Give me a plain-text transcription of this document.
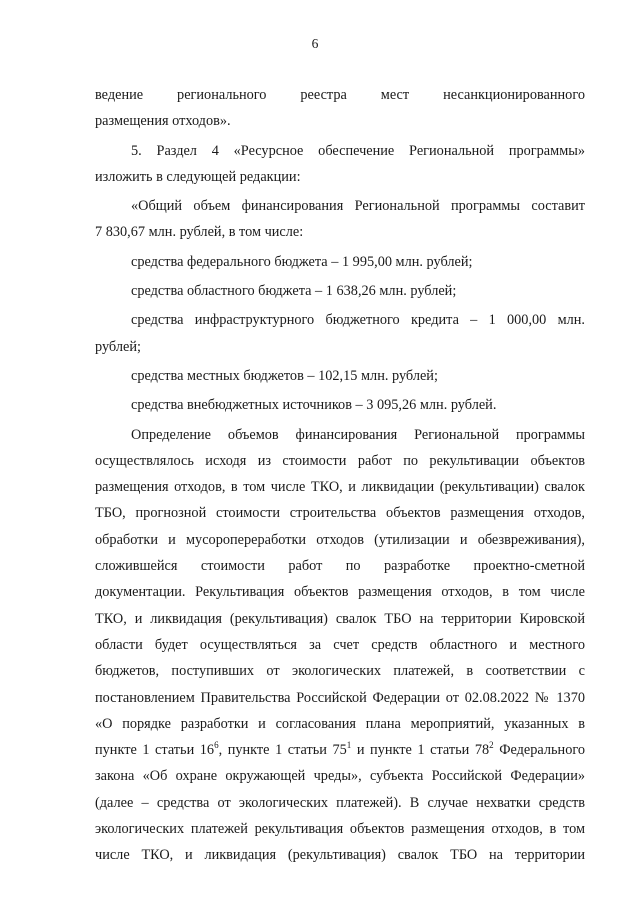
6

ведение регионального реестра мест несанкционированного

размещения отходов».

5. Раздел 4 «Ресурсное обеспечение Региональной программы»

изложить в следующей редакции:

«Общий объем финансирования Региональной программы составит

7 830,67 млн. рублей, в том числе:

средства федерального бюджета – 1 995,00 млн. рублей;

средства областного бюджета – 1 638,26 млн. рублей;

средства инфраструктурного бюджетного кредита – 1 000,00 млн.

рублей;

средства местных бюджетов – 102,15 млн. рублей;

средства внебюджетных источников – 3 095,26 млн. рублей.

Определение объемов финансирования Региональной программы

осуществлялось исходя из стоимости работ по рекультивации объектов

размещения отходов, в том числе ТКО, и ликвидации (рекультивации) свалок

ТБО, прогнозной стоимости строительства объектов размещения отходов,

обработки и мусоропереработки отходов (утилизации и обезвреживания),

сложившейся стоимости работ по разработке проектно-сметной

документации. Рекультивация объектов размещения отходов, в том числе

ТКО, и ликвидация (рекультивация) свалок ТБО на территории Кировской

области будет осуществляться за счет средств областного и местного

бюджетов, поступивших от экологических платежей, в соответствии с

постановлением Правительства Российской Федерации от 02.08.2022 № 1370

«О порядке разработки и согласования плана мероприятий, указанных в

пункте 1 статьи $16^6$, пункте 1 статьи $75^1$ и пункте 1 статьи $78^2$ Федерального

закона «Об охране окружающей чреды», субъекта Российской Федерации»

(далее – средства от экологических платежей). В случае нехватки средств

экологических платежей рекультивация объектов размещения отходов, в том

числе ТКО, и ликвидация (рекультивация) свалок ТБО на территории
